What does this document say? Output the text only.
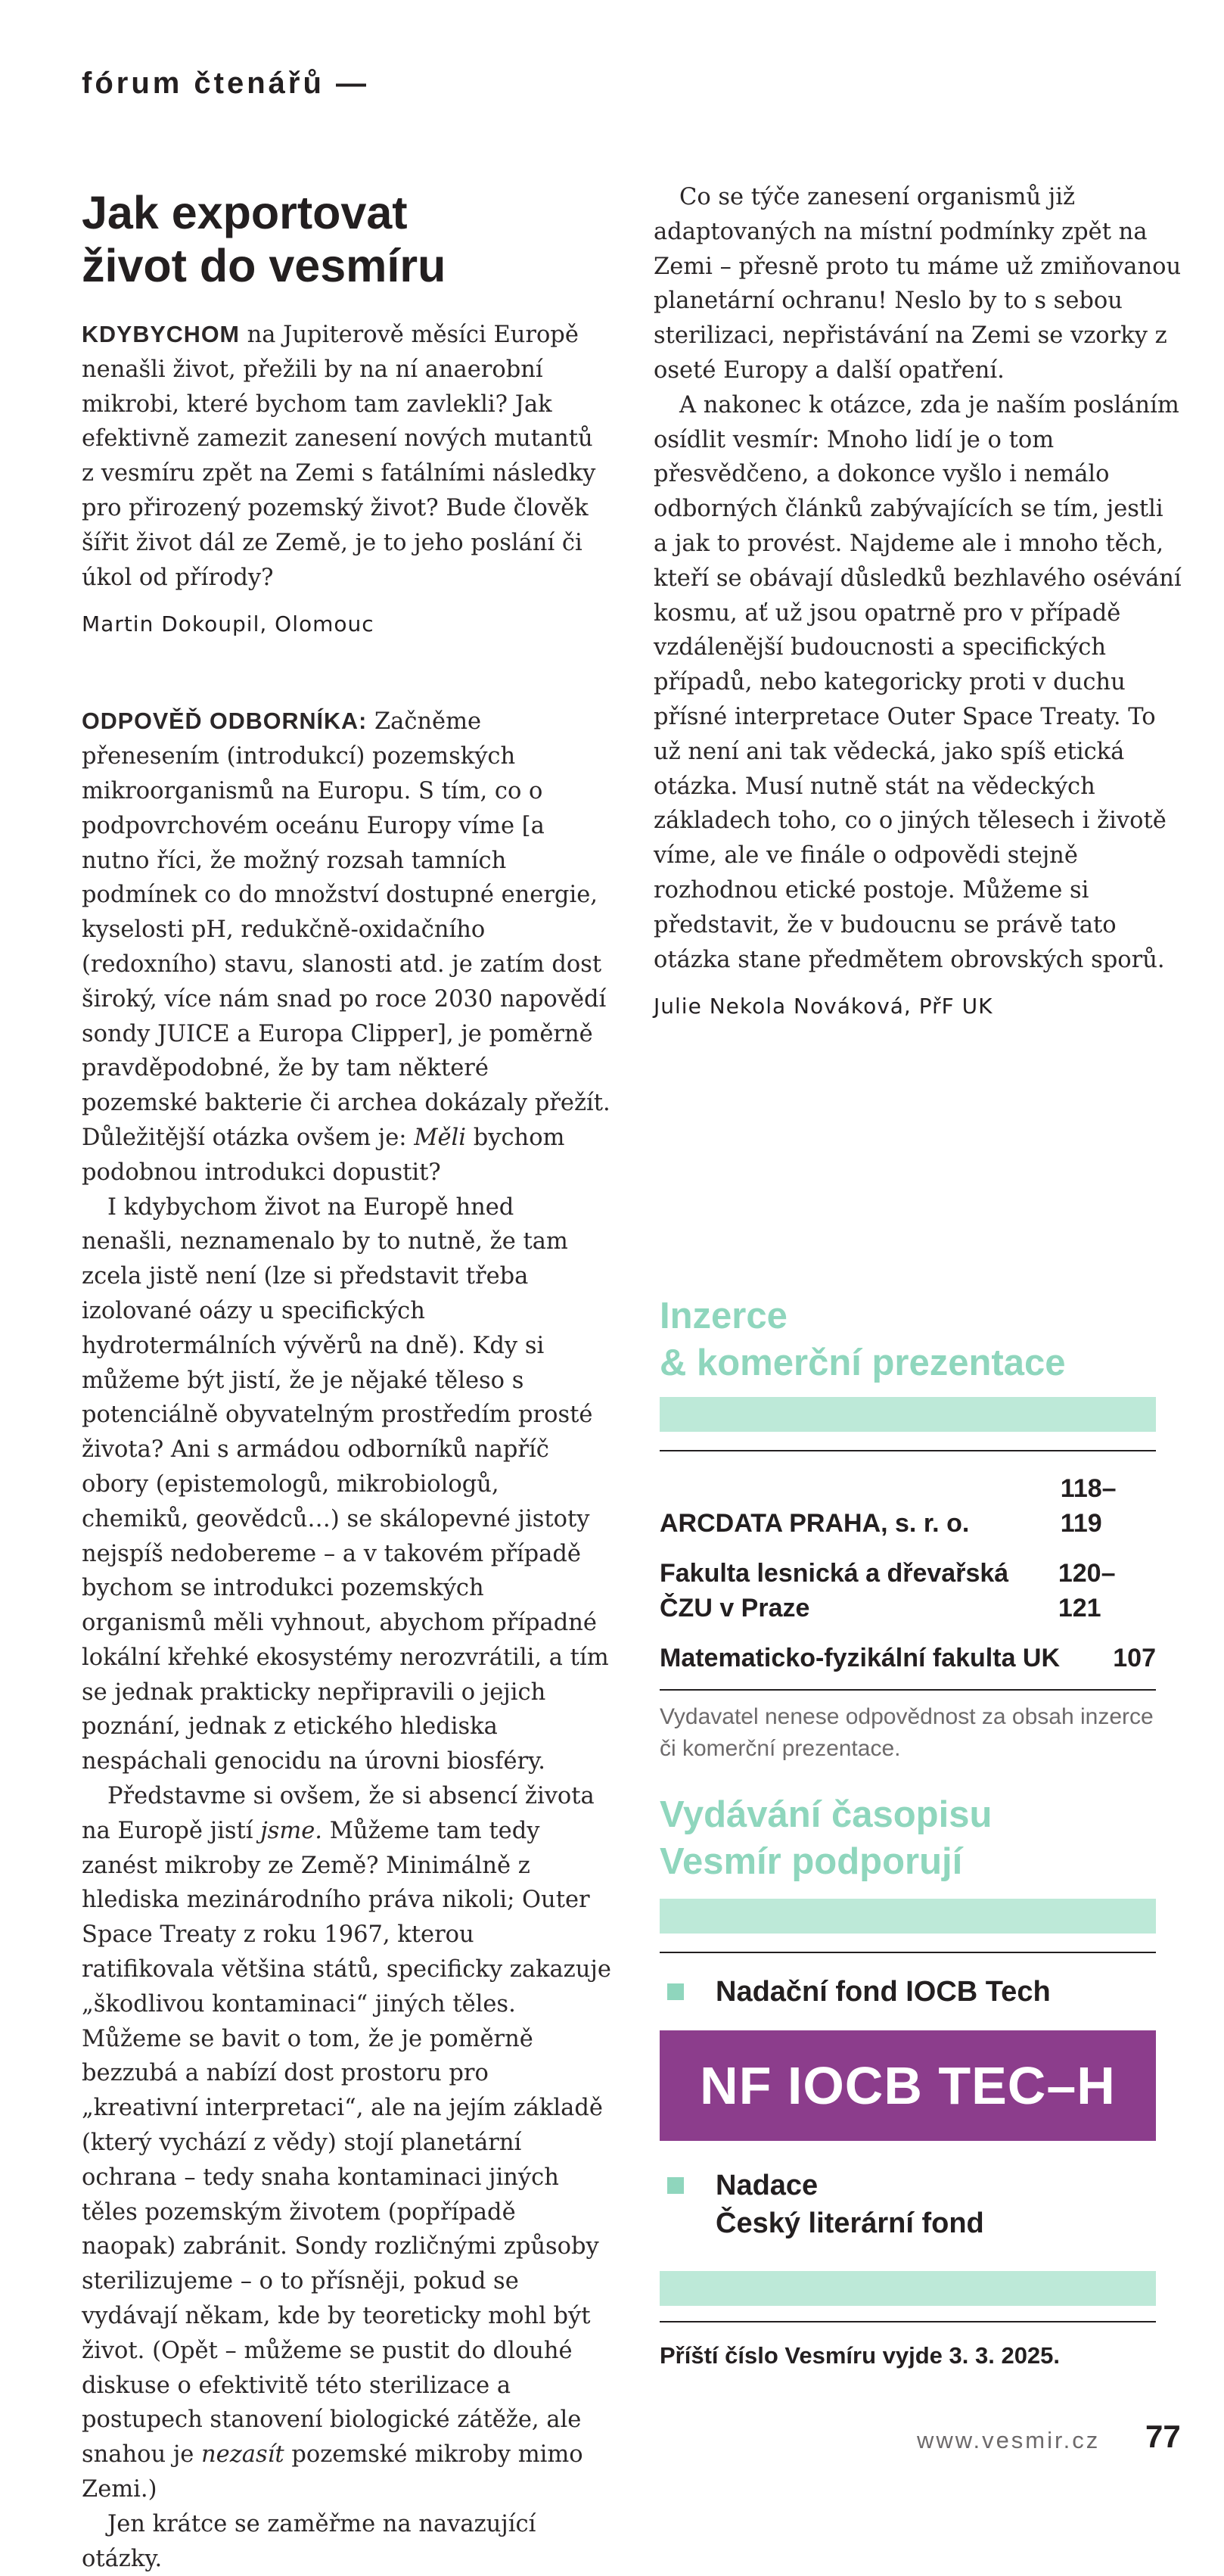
fórum čtenářů —
Jak exportovat
život do vesmíru

KDYBYCHOM na Jupiterově měsíci Europě nenašli život, přežili by na ní anaerobní mikrobi, které bychom tam zavlekli? Jak efektivně zamezit zanesení nových mutantů z vesmíru zpět na Zemi s fatálními následky pro přirozený pozemský život? Bude člověk šířit život dál ze Země, je to jeho poslání či úkol od přírody?

Martin Dokoupil, Olomouc

ODPOVĚĎ ODBORNÍKA: Začněme přenesením (introdukcí) pozemských mikroorganismů na Europu. S tím, co o podpovrchovém oceánu Europy víme [a nutno říci, že možný rozsah tamních podmínek co do množství dostupné energie, kyselosti pH, redukčně-oxidačního (redoxního) stavu, slanosti atd. je zatím dost široký, více nám snad po roce 2030 napovědí sondy JUICE a Europa Clipper], je poměrně pravděpodobné, že by tam některé pozemské bakterie či archea dokázaly přežít. Důležitější otázka ovšem je: Měli bychom podobnou introdukci dopustit?

I kdybychom život na Europě hned nenašli, neznamenalo by to nutně, že tam zcela jistě není (lze si představit třeba izolované oázy u specifických hydrotermálních vývěrů na dně). Kdy si můžeme být jistí, že je nějaké těleso s potenciálně obyvatelným prostředím prosté života? Ani s armádou odborníků napříč obory (epistemologů, mikrobiologů, chemiků, geovědců…) se skálopevné jistoty nejspíš nedobereme – a v takovém případě bychom se introdukci pozemských organismů měli vyhnout, abychom případné lokální křehké ekosystémy nerozvrátili, a tím se jednak prakticky nepřipravili o jejich poznání, jednak z etického hlediska nespáchali genocidu na úrovni biosféry.

Představme si ovšem, že si absencí života na Europě jistí jsme. Můžeme tam tedy zanést mikroby ze Země? Minimálně z hlediska mezinárodního práva nikoli; Outer Space Treaty z roku 1967, kterou ratifikovala většina států, specificky zakazuje „škodlivou kontaminaci“ jiných těles. Můžeme se bavit o tom, že je poměrně bezzubá a nabízí dost prostoru pro „kreativní interpretaci“, ale na jejím základě (který vychází z vědy) stojí planetární ochrana – tedy snaha kontaminaci jiných těles pozemským životem (popřípadě naopak) zabránit. Sondy rozličnými způsoby sterilizujeme – o to přísněji, pokud se vydávají někam, kde by teoreticky mohl být život. (Opět – můžeme se pustit do dlouhé diskuse o efektivitě této sterilizace a postupech stanovení biologické zátěže, ale snahou je nezasít pozemské mikroby mimo Zemi.)

Jen krátce se zaměřme na navazující otázky.

Co se týče zanesení organismů již adaptovaných na místní podmínky zpět na Zemi – přesně proto tu máme už zmiňovanou planetární ochranu! Neslo by to s sebou sterilizaci, nepřistávání na Zemi se vzorky z oseté Europy a další opatření.

A nakonec k otázce, zda je naším posláním osídlit vesmír: Mnoho lidí je o tom přesvědčeno, a dokonce vyšlo i nemálo odborných článků zabývajících se tím, jestli a jak to provést. Najdeme ale i mnoho těch, kteří se obávají důsledků bezhlavého osévání kosmu, ať už jsou opatrně pro v případě vzdálenější budoucnosti a specifických případů, nebo kategoricky proti v duchu přísné interpretace Outer Space Treaty. To už není ani tak vědecká, jako spíš etická otázka. Musí nutně stát na vědeckých základech toho, co o jiných tělesech i životě víme, ale ve finále o odpovědi stejně rozhodnou etické postoje. Můžeme si představit, že v budoucnu se právě tato otázka stane předmětem obrovských sporů.

Julie Nekola Nováková, PřF UK

Inzerce
& komerční prezentace
ARCDATA PRAHA, s. r. o.
118–119
Fakulta lesnická a dřevařská ČZU v Praze
120–121
Matematicko-fyzikální fakulta UK	107

Vydavatel nenese odpovědnost za obsah inzerce či komerční prezentace.

Vydávání časopisu
Vesmír podporují
Nadační fond IOCB Tech
NF IOCB TEC–H
Nadace
Český literární fond

Příští číslo Vesmíru vyjde 3. 3. 2025.

www.vesmir.cz 77
